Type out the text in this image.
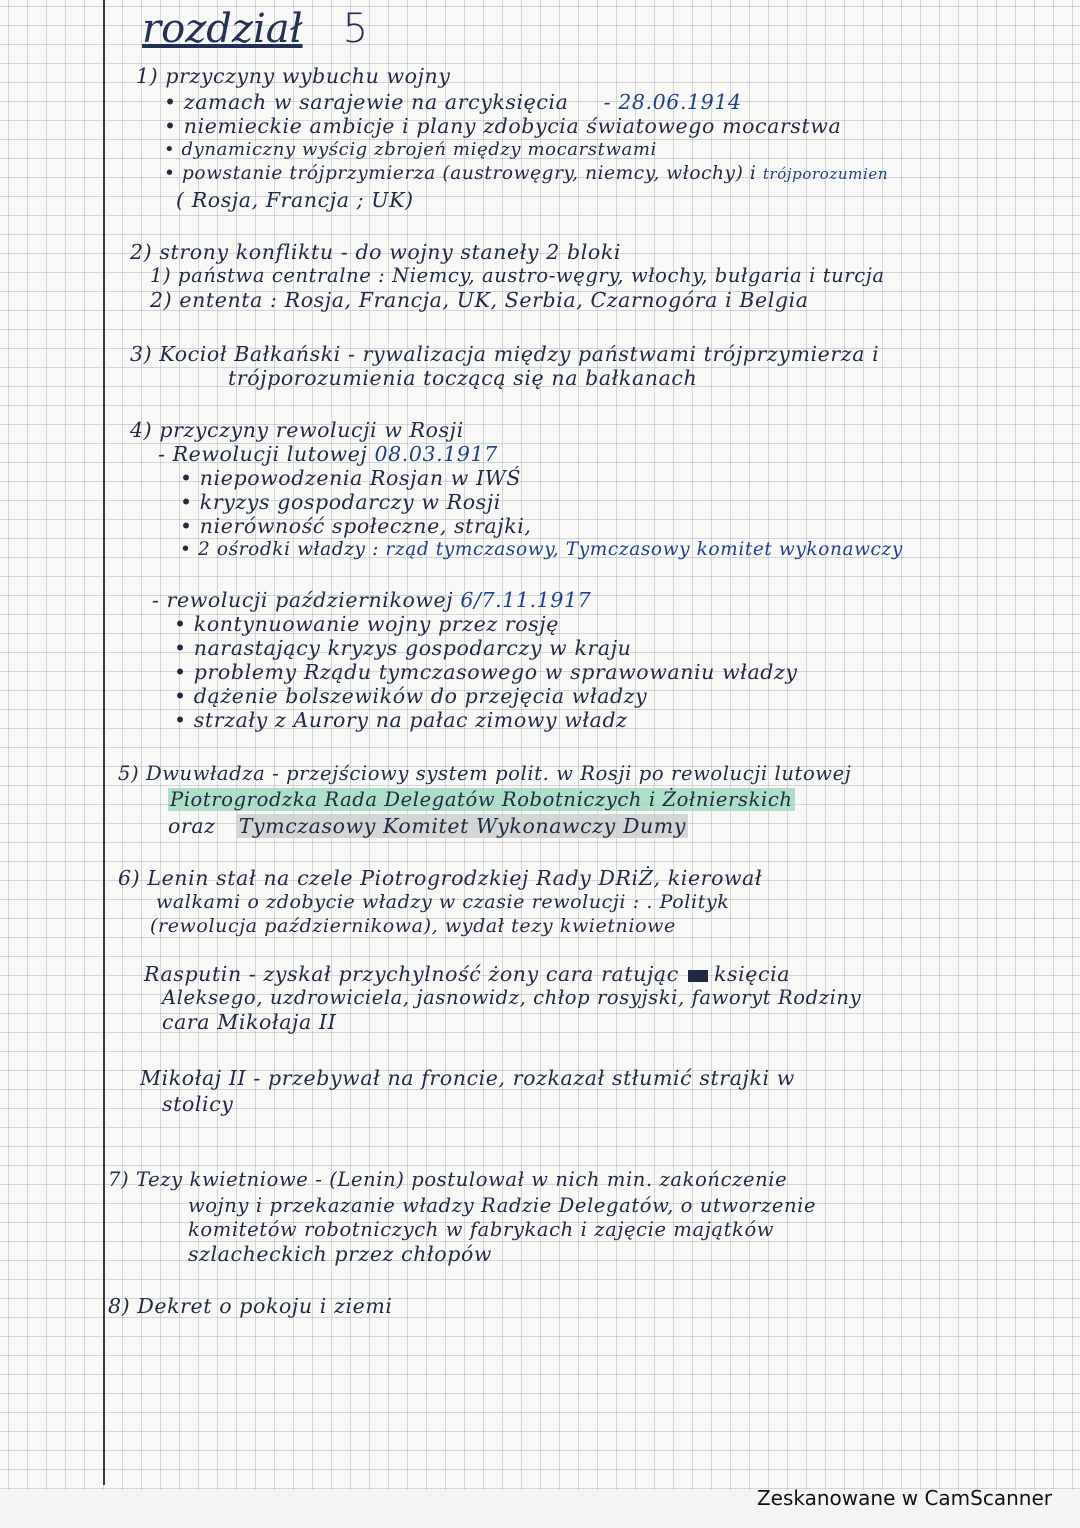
rozdział 5
1) przyczyny wybuchu wojny
• zamach w sarajewie na arcyksięcia - 28.06.1914
• niemieckie ambicje i plany zdobycia światowego mocarstwa
• dynamiczny wyścig zbrojeń między mocarstwami
• powstanie trójprzymierza (austrowęgry, niemcy, włochy) i trójporozumien
( Rosja, Francja ; UK)
2) strony konfliktu - do wojny staneły 2 bloki
1) państwa centralne : Niemcy, austro-węgry, włochy, bułgaria i turcja
2) ententa : Rosja, Francja, UK, Serbia, Czarnogóra i Belgia
3) Kocioł Bałkański - rywalizacja między państwami trójprzymierza i
trójporozumienia toczącą się na bałkanach
4) przyczyny rewolucji w Rosji
- Rewolucji lutowej 08.03.1917
• niepowodzenia Rosjan w IWŚ
• kryzys gospodarczy w Rosji
• nierówność społeczne, strajki,
• 2 ośrodki władzy : rząd tymczasowy, Tymczasowy komitet wykonawczy
- rewolucji październikowej 6/7.11.1917
• kontynuowanie wojny przez rosję
• narastający kryzys gospodarczy w kraju
• problemy Rządu tymczasowego w sprawowaniu władzy
• dążenie bolszewików do przejęcia władzy
• strzały z Aurory na pałac zimowy władz
5) Dwuwładza - przejściowy system polit. w Rosji po rewolucji lutowej
Piotrogrodzka Rada Delegatów Robotniczych i Żołnierskich
oraz Tymczasowy Komitet Wykonawczy Dumy
6) Lenin stał na czele Piotrogrodzkiej Rady DRiŻ, kierował
walkami o zdobycie władzy w czasie rewolucji : . Polityk
(rewolucja październikowa), wydał tezy kwietniowe
Rasputin - zyskał przychylność żony cara ratując księcia
Aleksego, uzdrowiciela, jasnowidz, chłop rosyjski, faworyt Rodziny
cara Mikołaja II
Mikołaj II - przebywał na froncie, rozkazał stłumić strajki w
stolicy
7) Tezy kwietniowe - (Lenin) postulował w nich min. zakończenie
wojny i przekazanie władzy Radzie Delegatów, o utworzenie
komitetów robotniczych w fabrykach i zajęcie majątków
szlacheckich przez chłopów
8) Dekret o pokoju i ziemi
Zeskanowane w CamScanner
